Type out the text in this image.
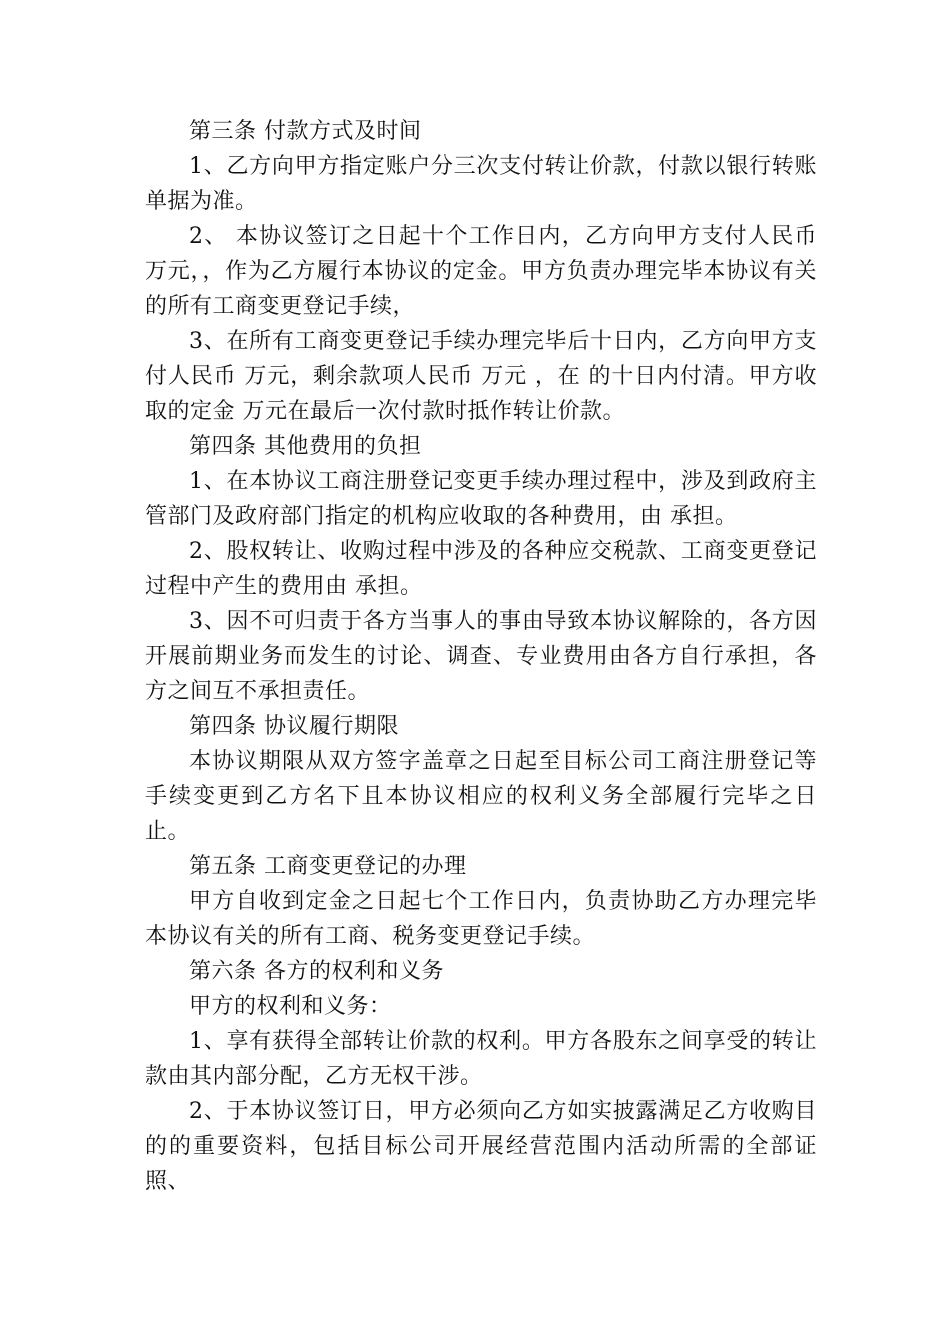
第三条 付款方式及时间

1、乙方向甲方指定账户分三次支付转让价款，付款以银行转账单据为准。

2、 本协议签订之日起十个工作日内，乙方向甲方支付人民币 万元，，作为乙方履行本协议的定金。甲方负责办理完毕本协议有关的所有工商变更登记手续，

3、在所有工商变更登记手续办理完毕后十日内，乙方向甲方支付人民币 万元，剩余款项人民币 万元 ，在 的十日内付清。甲方收取的定金 万元在最后一次付款时抵作转让价款。

第四条 其他费用的负担

1、在本协议工商注册登记变更手续办理过程中，涉及到政府主管部门及政府部门指定的机构应收取的各种费用，由 承担。

2、股权转让、收购过程中涉及的各种应交税款、工商变更登记过程中产生的费用由 承担。

3、因不可归责于各方当事人的事由导致本协议解除的，各方因开展前期业务而发生的讨论、调查、专业费用由各方自行承担，各方之间互不承担责任。

第四条 协议履行期限

本协议期限从双方签字盖章之日起至目标公司工商注册登记等手续变更到乙方名下且本协议相应的权利义务全部履行完毕之日止。

第五条 工商变更登记的办理

甲方自收到定金之日起七个工作日内，负责协助乙方办理完毕本协议有关的所有工商、税务变更登记手续。

第六条 各方的权利和义务

甲方的权利和义务：

1、享有获得全部转让价款的权利。甲方各股东之间享受的转让款由其内部分配，乙方无权干涉。

2、于本协议签订日，甲方必须向乙方如实披露满足乙方收购目的的重要资料，包括目标公司开展经营范围内活动所需的全部证照、
